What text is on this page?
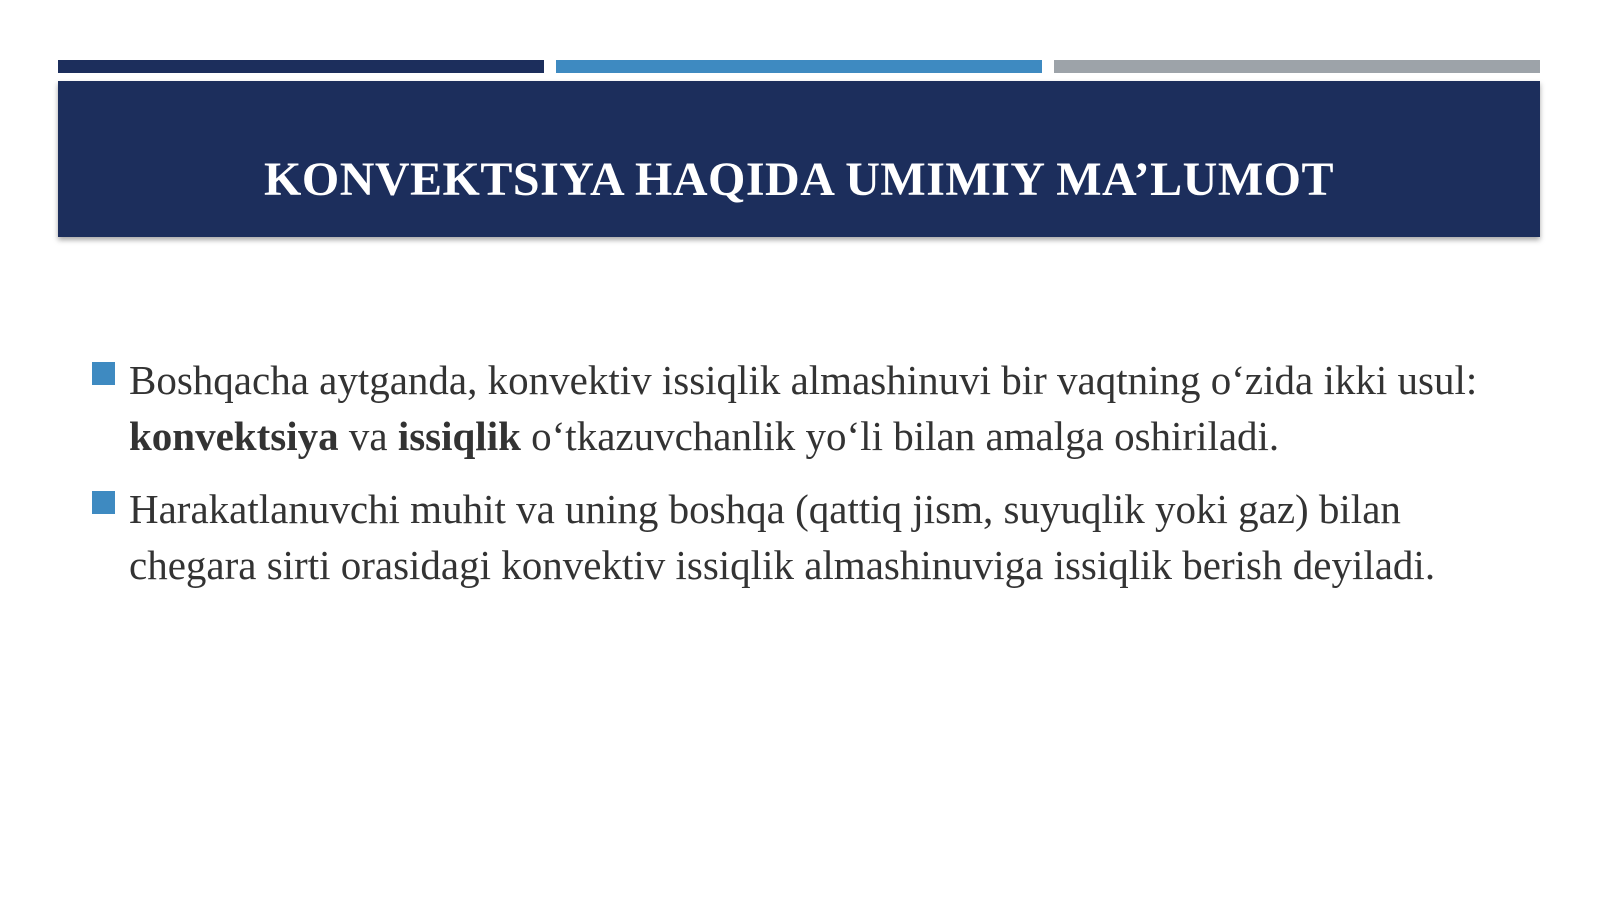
KONVEKTSIYA HAQIDA UMIMIY MA’LUMOT
Boshqacha aytganda, konvektiv issiqlik almashinuvi bir vaqtning o‘zida ikki usul: konvektsiya va issiqlik o‘tkazuvchanlik yo‘li bilan amalga oshiriladi.
Harakatlanuvchi muhit va uning boshqa (qattiq jism, suyuqlik yoki gaz) bilan chegara sirti orasidagi konvektiv issiqlik almashinuviga issiqlik berish deyiladi.
